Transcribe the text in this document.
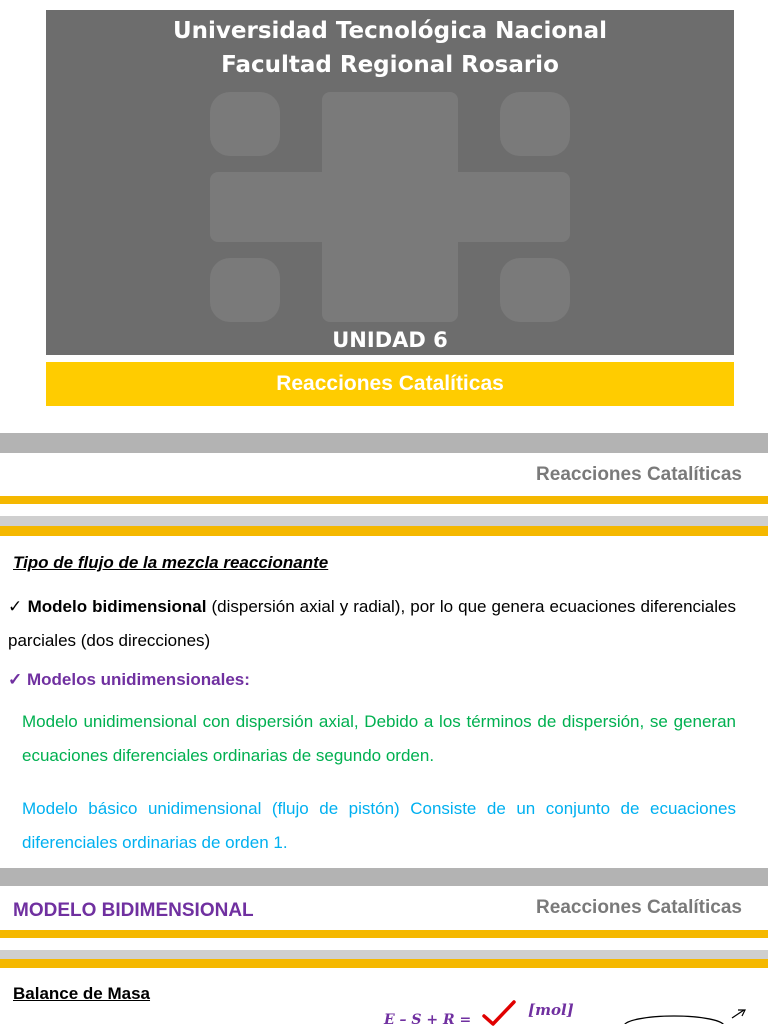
Universidad Tecnológica Nacional
Facultad Regional Rosario
UNIDAD 6
Reacciones Catalíticas
Reacciones Catalíticas
Tipo de flujo de la mezcla reaccionante
✓ Modelo bidimensional (dispersión axial y radial), por lo que genera ecuaciones diferenciales parciales (dos direcciones)
✓ Modelos unidimensionales:
Modelo unidimensional con dispersión axial, Debido a los términos de dispersión, se generan ecuaciones diferenciales ordinarias de segundo orden.
Modelo básico unidimensional (flujo de pistón) Consiste de un conjunto de ecuaciones diferenciales ordinarias de orden 1.
MODELO BIDIMENSIONAL	Reacciones Catalíticas
Balance de Masa
E – S + R =
[mol]
